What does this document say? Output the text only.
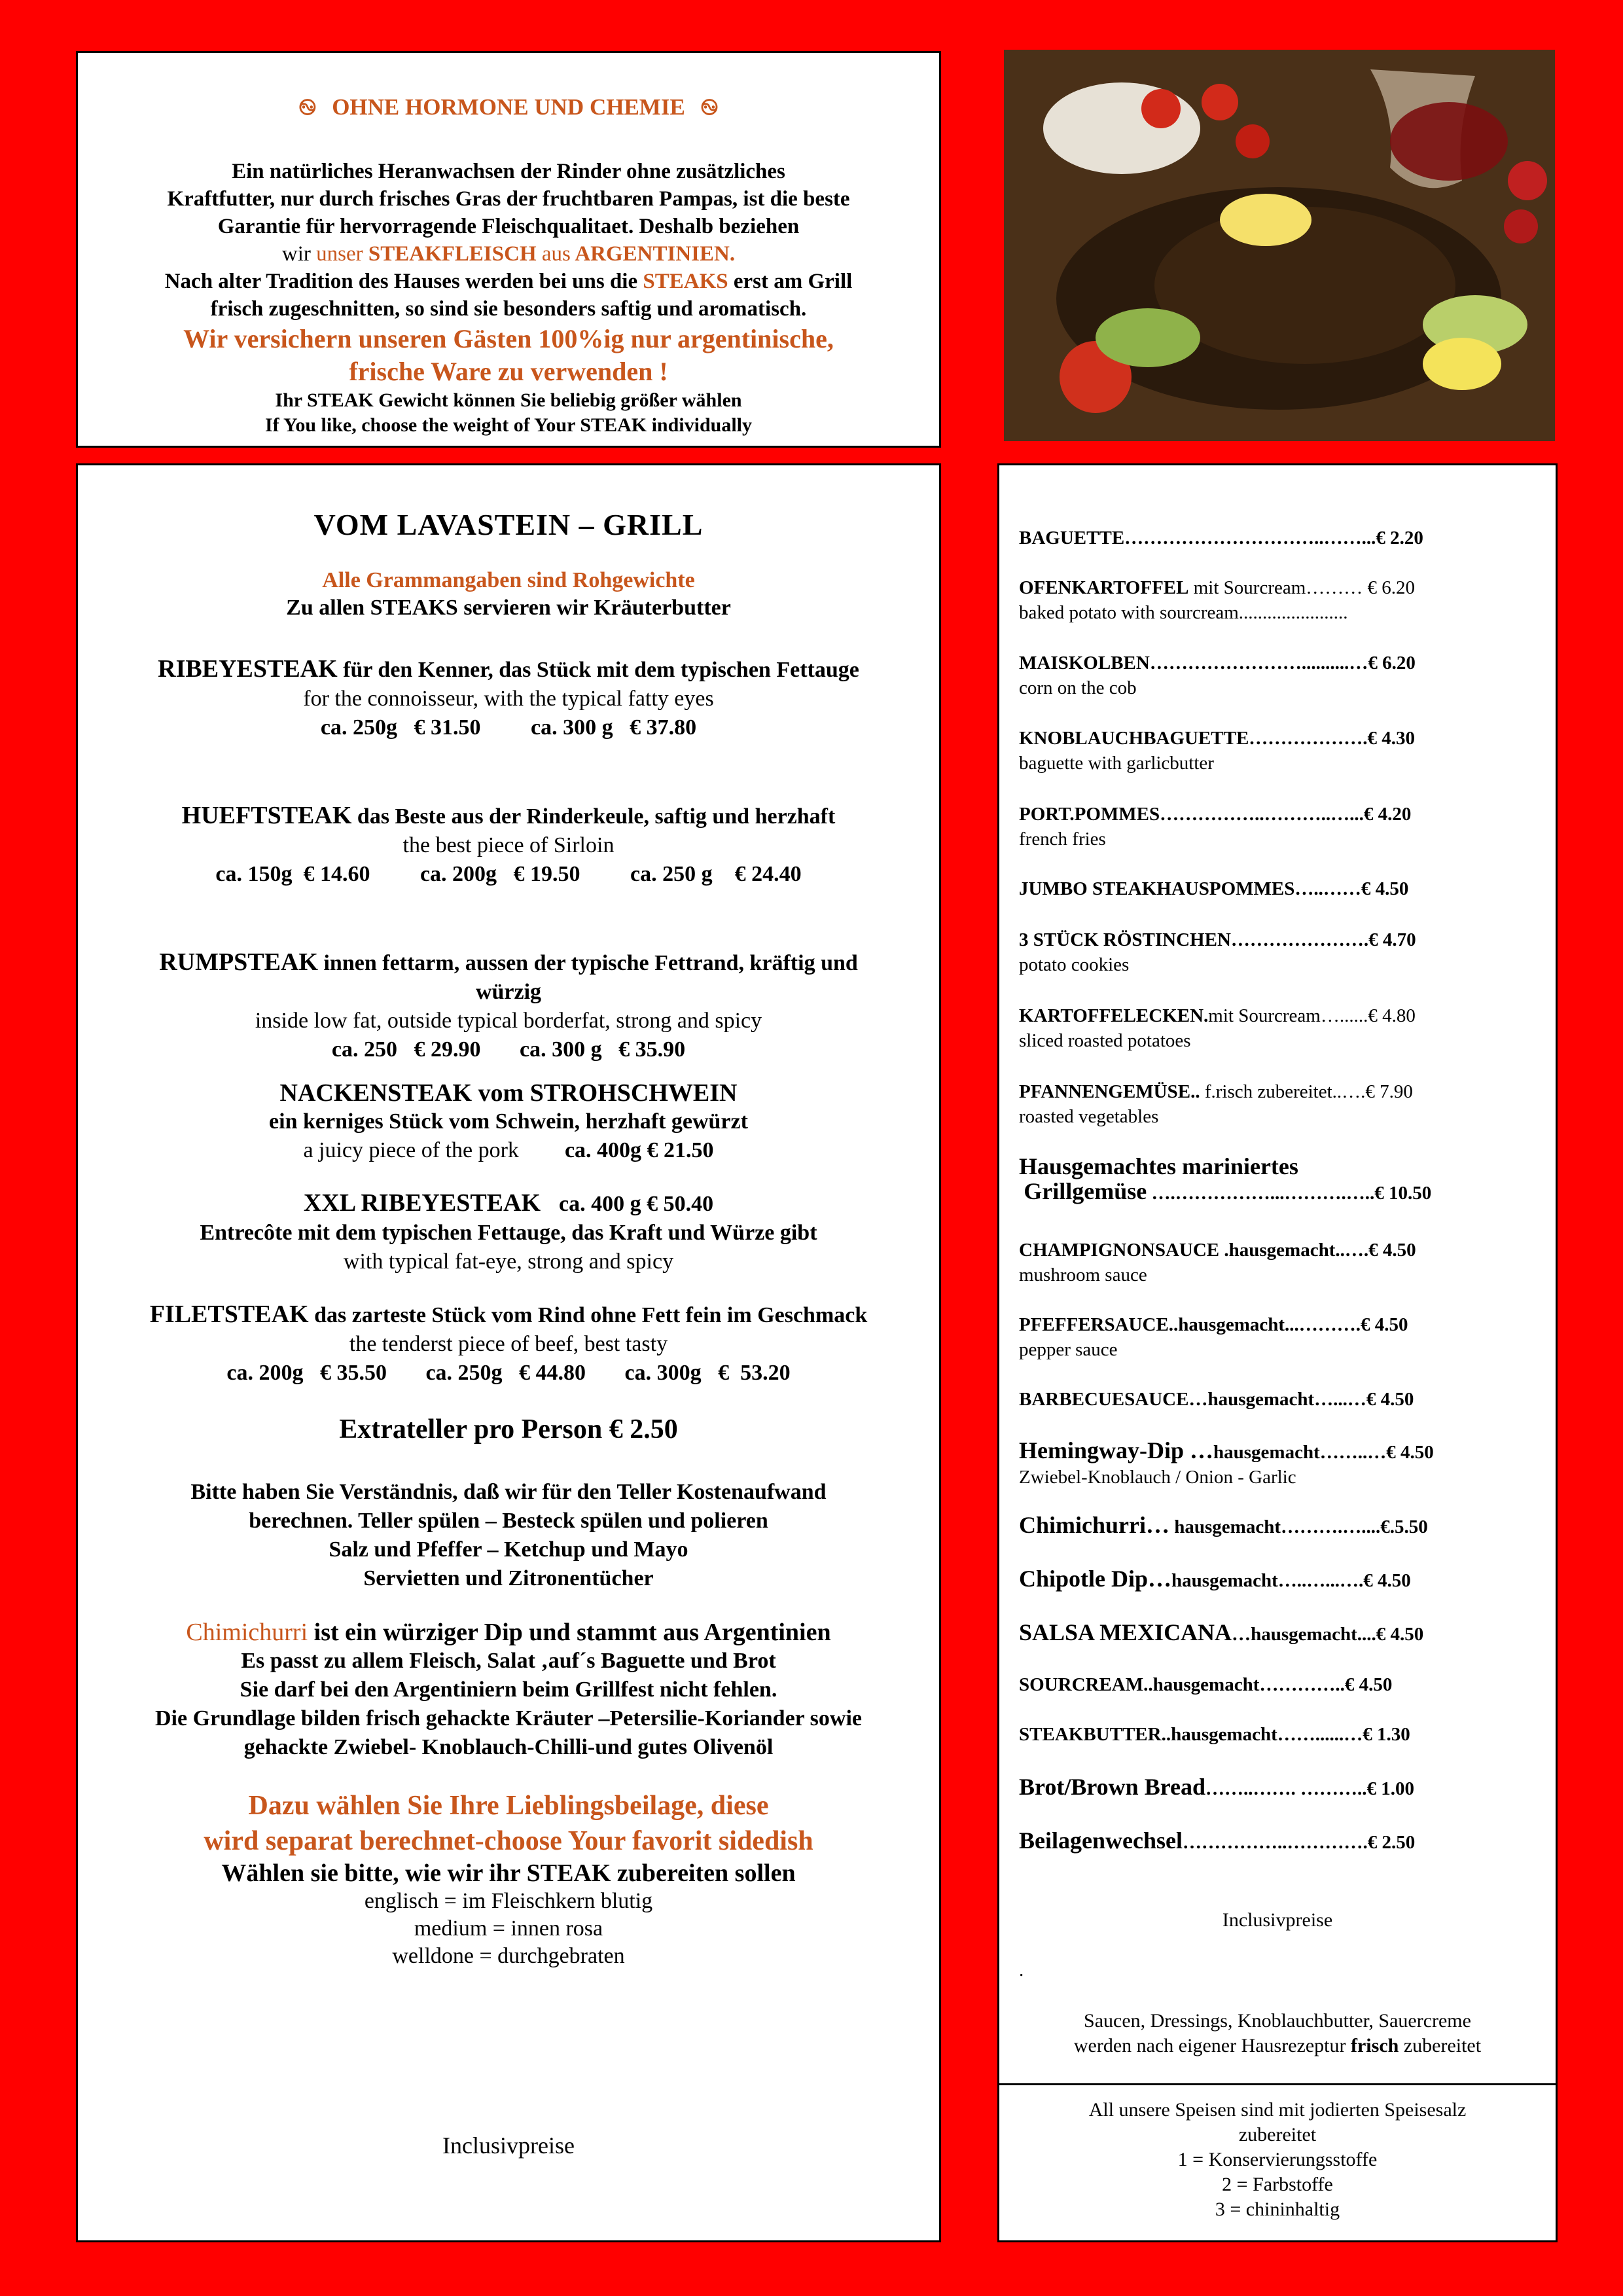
࿊ OHNE HORMONE UND CHEMIE ࿊
Ein natürliches Heranwachsen der Rinder ohne zusätzliches
Kraftfutter, nur durch frisches Gras der fruchtbaren Pampas, ist die beste
Garantie für hervorragende Fleischqualitaet. Deshalb beziehen
wir unser STEAKFLEISCH aus ARGENTINIEN.
Nach alter Tradition des Hauses werden bei uns die STEAKS erst am Grill
frisch zugeschnitten, so sind sie besonders saftig und aromatisch.
Wir versichern unseren Gästen 100%ig nur argentinische,
frische Ware zu verwenden !
Ihr STEAK Gewicht können Sie beliebig größer wählen
If You like, choose the weight of Your STEAK individually
VOM LAVASTEIN – GRILL
Alle Grammangaben sind Rohgewichte
Zu allen STEAKS servieren wir Kräuterbutter
RIBEYESTEAK für den Kenner, das Stück mit dem typischen Fettauge
for the connoisseur, with the typical fatty eyes
ca. 250g   € 31.50         ca. 300 g   € 37.80
HUEFTSTEAK das Beste aus der Rinderkeule, saftig und herzhaft
the best piece of Sirloin
ca. 150g  € 14.60         ca. 200g   € 19.50         ca. 250 g    € 24.40
RUMPSTEAK innen fettarm, aussen der typische Fettrand, kräftig und
würzig
inside low fat, outside typical borderfat, strong and spicy
ca. 250   € 29.90       ca. 300 g   € 35.90
NACKENSTEAK vom STROHSCHWEIN
ein kerniges Stück vom Schwein, herzhaft gewürzt
a juicy piece of the pork ca. 400g € 21.50
XXL RIBEYESTEAK ca. 400 g € 50.40
Entrecôte mit dem typischen Fettauge, das Kraft und Würze gibt
with typical fat-eye, strong and spicy
FILETSTEAK das zarteste Stück vom Rind ohne Fett fein im Geschmack
the tenderst piece of beef, best tasty
ca. 200g   € 35.50       ca. 250g   € 44.80       ca. 300g   €  53.20
Extrateller pro Person € 2.50
Bitte haben Sie Verständnis, daß wir für den Teller Kostenaufwand
berechnen. Teller spülen – Besteck spülen und polieren
Salz und Pfeffer – Ketchup und Mayo
Servietten und Zitronentücher
Chimichurri ist ein würziger Dip und stammt aus Argentinien
Es passt zu allem Fleisch, Salat ‚auf´s Baguette und Brot
Sie darf bei den Argentiniern beim Grillfest nicht fehlen.
Die Grundlage bilden frisch gehackte Kräuter –Petersilie-Koriander sowie
gehackte Zwiebel- Knoblauch-Chilli-und gutes Olivenöl
Dazu wählen Sie Ihre Lieblingsbeilage, diese
wird separat berechnet-choose Your favorit sidedish
Wählen sie bitte, wie wir ihr STEAK zubereiten sollen
englisch = im Fleischkern blutig
medium = innen rosa
welldone = durchgebraten
Inclusivpreise
BAGUETTE…………………………..……...€ 2.20
OFENKARTOFFEL mit Sourcream……… € 6.20
baked potato with sourcream.......................
MAISKOLBEN……………………..........…€ 6.20
corn on the cob
KNOBLAUCHBAGUETTE……………….€ 4.30
baguette with garlicbutter
PORT.POMMES……………..………..…...€ 4.20
french fries
JUMBO STEAKHAUSPOMMES…..……€ 4.50
3 STÜCK RÖSTINCHEN………………….€ 4.70
potato cookies
KARTOFFELECKEN.mit Sourcream…......€ 4.80
sliced roasted potatoes
PFANNENGEMÜSE.. f.risch zubereitet..….€ 7.90
roasted vegetables
Hausgemachtes mariniertes
Grillgemüse ….……………...……….…..€ 10.50
CHAMPIGNONSAUCE .hausgemacht..….€ 4.50
mushroom sauce
PFEFFERSAUCE..hausgemacht...……….€ 4.50
pepper sauce
BARBECUESAUCE…hausgemacht…...…€ 4.50
Hemingway-Dip …hausgemacht……..…€ 4.50
Zwiebel-Knoblauch / Onion - Garlic
Chimichurri… hausgemacht……….…....€.5.50
Chipotle Dip…hausgemacht…..…...….€ 4.50
SALSA MEXICANA…hausgemacht....€ 4.50
SOURCREAM..hausgemacht…………..€ 4.50
STEAKBUTTER..hausgemacht……......…€ 1.30
Brot/Brown Bread……..……. ………..€ 1.00
Beilagenwechsel……………..………….€ 2.50
Inclusivpreise
.
Saucen, Dressings, Knoblauchbutter, Sauercreme
werden nach eigener Hausrezeptur frisch zubereitet
All unsere Speisen sind mit jodierten Speisesalz
zubereitet
1 = Konservierungsstoffe
2 = Farbstoffe
3 = chininhaltig
